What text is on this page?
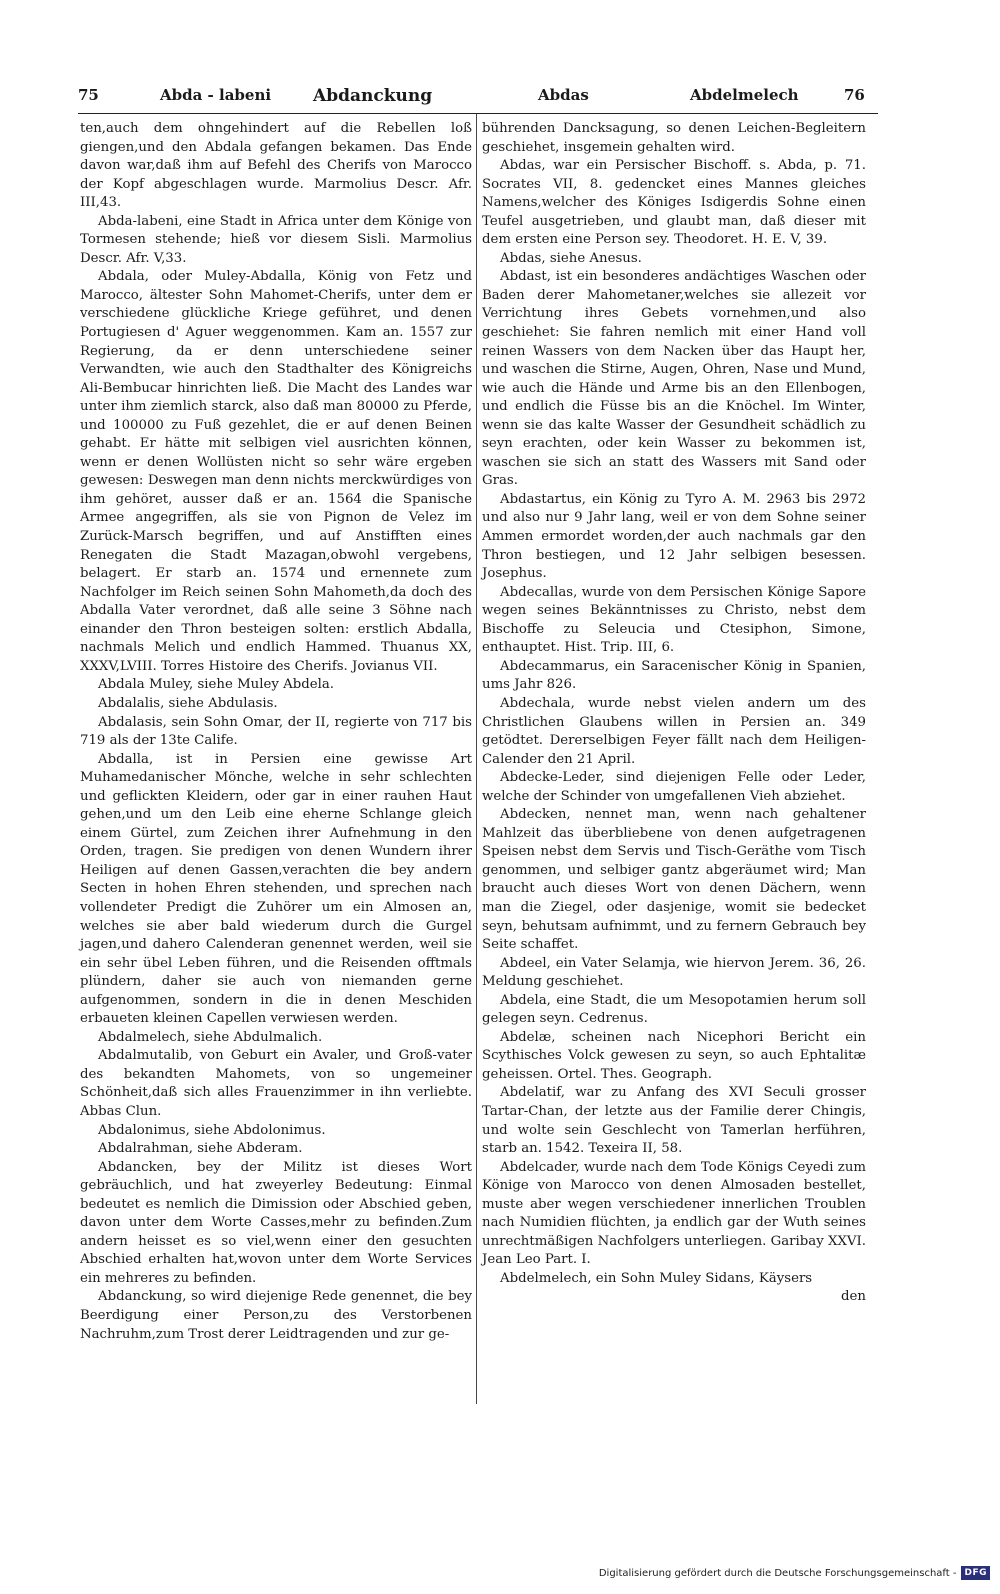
75	Abda - labeni Abdanckung	Abdas	Abdelmelech	76

ten,auch dem ohngehindert auf die Rebellen loß giengen,und den Abdala gefangen bekamen. Das Ende davon war,daß ihm auf Befehl des Cherifs von Marocco der Kopf abgeschlagen wurde. Marmolius Descr. Afr. III,43.

Abda-labeni, eine Stadt in Africa unter dem Könige von Tormesen stehende; hieß vor diesem Sisli. Marmolius Descr. Afr. V,33.

Abdala, oder Muley-Abdalla, König von Fetz und Marocco, ältester Sohn Mahomet-Cherifs, unter dem er verschiedene glückliche Kriege geführet, und denen Portugiesen d' Aguer weggenommen. Kam an. 1557 zur Regierung, da er denn unterschiedene seiner Verwandten, wie auch den Stadthalter des Königreichs Ali-Bembucar hinrichten ließ. Die Macht des Landes war unter ihm ziemlich starck, also daß man 80000 zu Pferde, und 100000 zu Fuß gezehlet, die er auf denen Beinen gehabt. Er hätte mit selbigen viel ausrichten können, wenn er denen Wollüsten nicht so sehr wäre ergeben gewesen: Deswegen man denn nichts merckwürdiges von ihm gehöret, ausser daß er an. 1564 die Spanische Armee angegriffen, als sie von Pignon de Velez im Zurück-Marsch begriffen, und auf Anstifften eines Renegaten die Stadt Mazagan,obwohl vergebens, belagert. Er starb an. 1574 und ernennete zum Nachfolger im Reich seinen Sohn Mahometh,da doch des Abdalla Vater verordnet, daß alle seine 3 Söhne nach einander den Thron besteigen solten: erstlich Abdalla, nachmals Melich und endlich Hammed. Thuanus XX, XXXV,LVIII. Torres Histoire des Cherifs. Jovianus VII.

Abdala Muley, siehe Muley Abdela.

Abdalalis, siehe Abdulasis.

Abdalasis, sein Sohn Omar, der II, regierte von 717 bis 719 als der 13te Calife.

Abdalla, ist in Persien eine gewisse Art Muhamedanischer Mönche, welche in sehr schlechten und geflickten Kleidern, oder gar in einer rauhen Haut gehen,und um den Leib eine eherne Schlange gleich einem Gürtel, zum Zeichen ihrer Aufnehmung in den Orden, tragen. Sie predigen von denen Wundern ihrer Heiligen auf denen Gassen,verachten die bey andern Secten in hohen Ehren stehenden, und sprechen nach vollendeter Predigt die Zuhörer um ein Almosen an, welches sie aber bald wiederum durch die Gurgel jagen,und dahero Calenderan genennet werden, weil sie ein sehr übel Leben führen, und die Reisenden offtmals plündern, daher sie auch von niemanden gerne aufgenommen, sondern in die in denen Meschiden erbaueten kleinen Capellen verwiesen werden.

Abdalmelech, siehe Abdulmalich.

Abdalmutalib, von Geburt ein Avaler, und Groß-vater des bekandten Mahomets, von so ungemeiner Schönheit,daß sich alles Frauenzimmer in ihn verliebte. Abbas Clun.

Abdalonimus, siehe Abdolonimus.

Abdalrahman, siehe Abderam.

Abdancken, bey der Militz ist dieses Wort gebräuchlich, und hat zweyerley Bedeutung: Einmal bedeutet es nemlich die Dimission oder Abschied geben, davon unter dem Worte Casses,mehr zu befinden.Zum andern heisset es so viel,wenn einer den gesuchten Abschied erhalten hat,wovon unter dem Worte Services ein mehreres zu befinden.

Abdanckung, so wird diejenige Rede genennet, die bey Beerdigung einer Person,zu des Verstorbenen Nachruhm,zum Trost derer Leidtragenden und zur ge-

bührenden Dancksagung, so denen Leichen-Begleitern geschiehet, insgemein gehalten wird.

Abdas, war ein Persischer Bischoff. s. Abda, p. 71. Socrates VII, 8. gedencket eines Mannes gleiches Namens,welcher des Königes Isdigerdis Sohne einen Teufel ausgetrieben, und glaubt man, daß dieser mit dem ersten eine Person sey. Theodoret. H. E. V, 39.

Abdas, siehe Anesus.

Abdast, ist ein besonderes andächtiges Waschen oder Baden derer Mahometaner,welches sie allezeit vor Verrichtung ihres Gebets vornehmen,und also geschiehet: Sie fahren nemlich mit einer Hand voll reinen Wassers von dem Nacken über das Haupt her, und waschen die Stirne, Augen, Ohren, Nase und Mund, wie auch die Hände und Arme bis an den Ellenbogen, und endlich die Füsse bis an die Knöchel. Im Winter, wenn sie das kalte Wasser der Gesundheit schädlich zu seyn erachten, oder kein Wasser zu bekommen ist, waschen sie sich an statt des Wassers mit Sand oder Gras.

Abdastartus, ein König zu Tyro A. M. 2963 bis 2972 und also nur 9 Jahr lang, weil er von dem Sohne seiner Ammen ermordet worden,der auch nachmals gar den Thron bestiegen, und 12 Jahr selbigen besessen. Josephus.

Abdecallas, wurde von dem Persischen Könige Sapore wegen seines Bekänntnisses zu Christo, nebst dem Bischoffe zu Seleucia und Ctesiphon, Simone, enthauptet. Hist. Trip. III, 6.

Abdecammarus, ein Saracenischer König in Spanien, ums Jahr 826.

Abdechala, wurde nebst vielen andern um des Christlichen Glaubens willen in Persien an. 349 getödtet. Dererselbigen Feyer fällt nach dem Heiligen-Calender den 21 April.

Abdecke-Leder, sind diejenigen Felle oder Leder, welche der Schinder von umgefallenen Vieh abziehet.

Abdecken, nennet man, wenn nach gehaltener Mahlzeit das überbliebene von denen aufgetragenen Speisen nebst dem Servis und Tisch-Geräthe vom Tisch genommen, und selbiger gantz abgeräumet wird; Man braucht auch dieses Wort von denen Dächern, wenn man die Ziegel, oder dasjenige, womit sie bedecket seyn, behutsam aufnimmt, und zu fernern Gebrauch bey Seite schaffet.

Abdeel, ein Vater Selamja, wie hiervon Jerem. 36, 26. Meldung geschiehet.

Abdela, eine Stadt, die um Mesopotamien herum soll gelegen seyn. Cedrenus.

Abdelæ, scheinen nach Nicephori Bericht ein Scythisches Volck gewesen zu seyn, so auch Ephtalitæ geheissen. Ortel. Thes. Geograph.

Abdelatif, war zu Anfang des XVI Seculi grosser Tartar-Chan, der letzte aus der Familie derer Chingis, und wolte sein Geschlecht von Tamerlan herführen, starb an. 1542. Texeira II, 58.

Abdelcader, wurde nach dem Tode Königs Ceyedi zum Könige von Marocco von denen Almosaden bestellet, muste aber wegen verschiedener innerlichen Troublen nach Numidien flüchten, ja endlich gar der Wuth seines unrechtmäßigen Nachfolgers unterliegen. Garibay XXVI. Jean Leo Part. I.

Abdelmelech, ein Sohn Muley Sidans, Käysers

den

Digitalisierung gefördert durch die Deutsche Forschungsgemeinschaft - DFG
